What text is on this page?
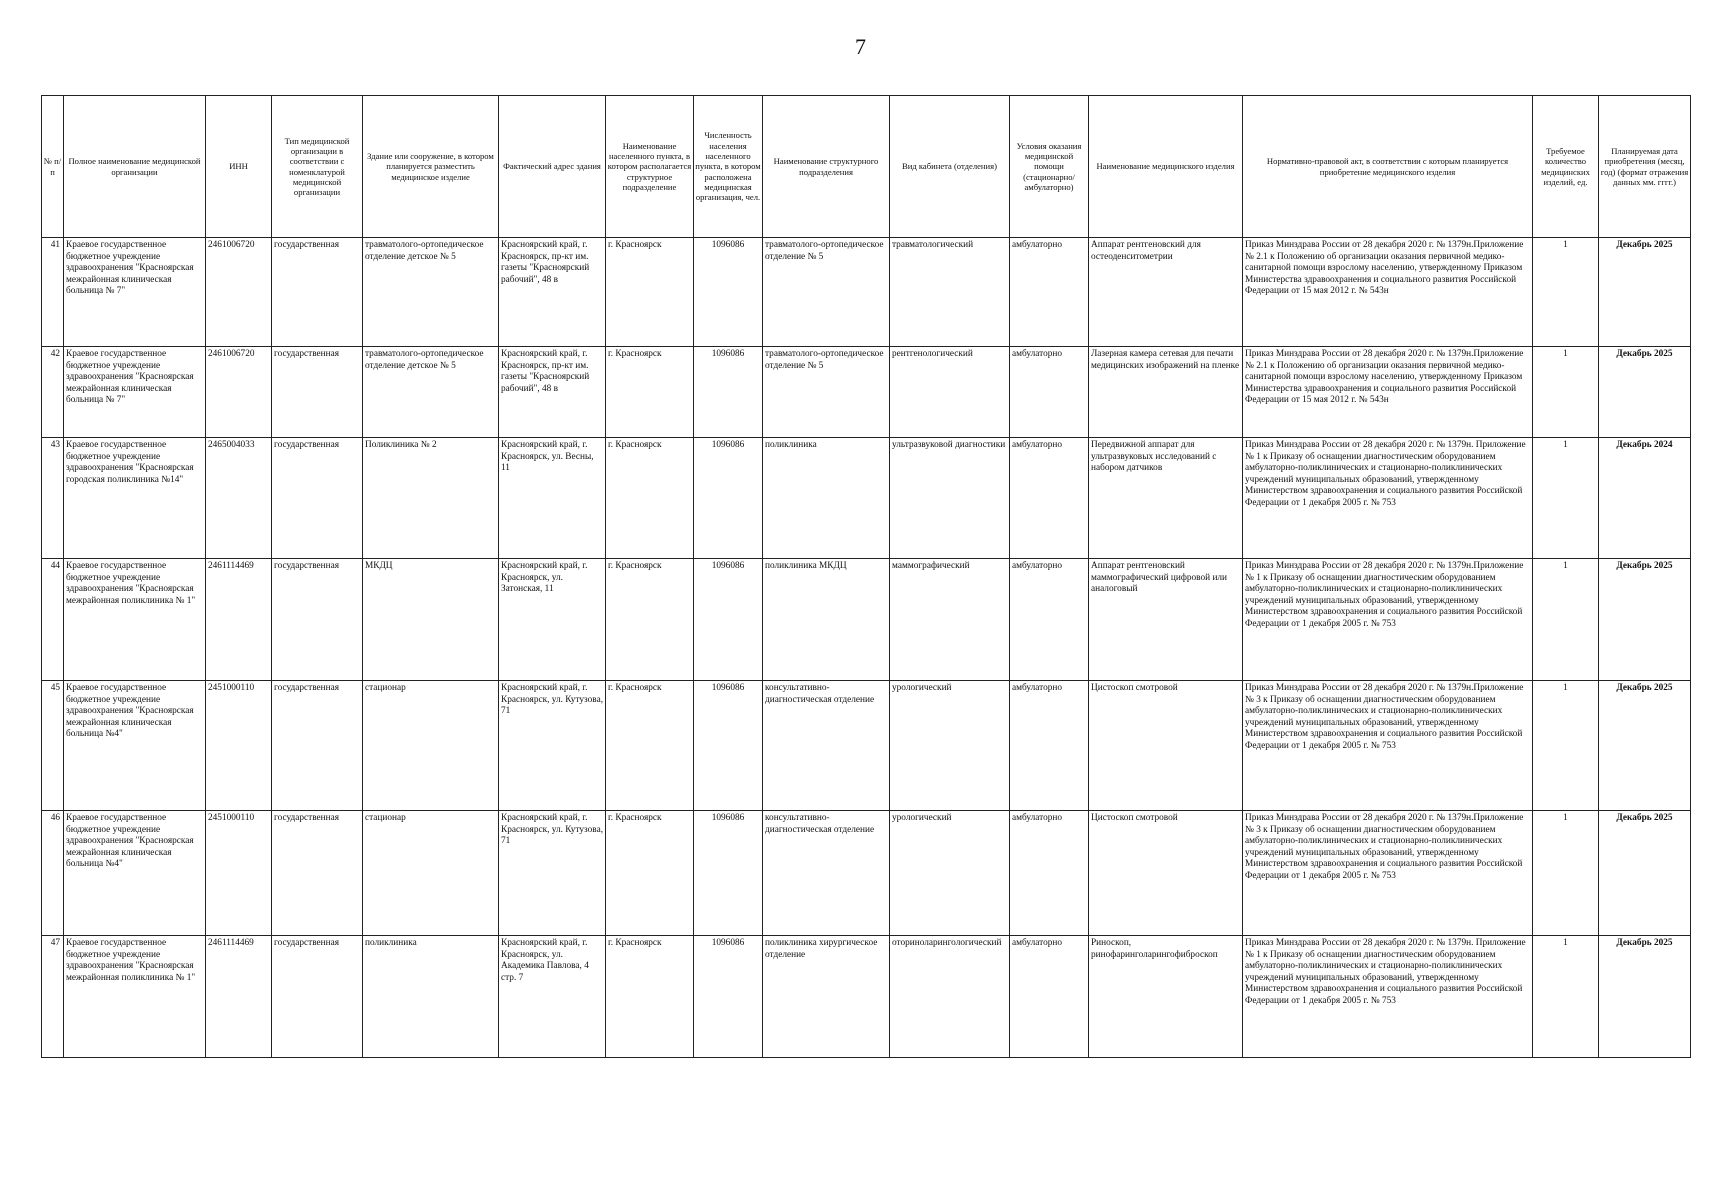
7
№ п/п	Полное наименование медицинской организации	ИНН	Тип медицинской организации в соответствии с номенклатурой медицинской организации	Здание или сооружение, в котором планируется разместить медицинское изделие	Фактический адрес здания	Наименование населенного пункта, в котором располагается структурное подразделение	Численность населения населенного пункта, в котором расположена медицинская организация, чел.	Наименование структурного подразделения	Вид кабинета (отделения)	Условия оказания медицинской помощи (стационарно/ амбулаторно)	Наименование медицинского изделия	Нормативно-правовой акт, в соответствии с которым планируется приобретение медицинского изделия	Требуемое количество медицинских изделий, ед.	Планируемая дата приобретения (месяц, год) (формат отражения данных мм. гггг.)
41	Краевое государственное бюджетное учреждение здравоохранения "Красноярская межрайонная клиническая больница № 7"	2461006720	государственная	травматолого-ортопедическое отделение детское № 5	Красноярский край, г. Красноярск, пр-кт им. газеты "Красноярский рабочий", 48 в	г. Красноярск	1096086	травматолого-ортопедическое отделение № 5	травматологический	амбулаторно	Аппарат рентгеновский для остеоденситометрии	Приказ Минздрава России от 28 декабря 2020 г. № 1379н.Приложение № 2.1 к Положению об организации оказания первичной медико-санитарной помощи взрослому населению, утвержденному Приказом Министерства здравоохранения и социального развития Российской Федерации от 15 мая 2012 г. № 543н	1	Декабрь 2025
42	Краевое государственное бюджетное учреждение здравоохранения "Красноярская межрайонная клиническая больница № 7"	2461006720	государственная	травматолого-ортопедическое отделение детское № 5	Красноярский край, г. Красноярск, пр-кт им. газеты "Красноярский рабочий", 48 в	г. Красноярск	1096086	травматолого-ортопедическое отделение № 5	рентгенологический	амбулаторно	Лазерная камера сетевая для печати медицинских изображений на пленке	Приказ Минздрава России от 28 декабря 2020 г. № 1379н.Приложение № 2.1 к Положению об организации оказания первичной медико-санитарной помощи взрослому населению, утвержденному Приказом Министерства здравоохранения и социального развития Российской Федерации от 15 мая 2012 г. № 543н	1	Декабрь 2025
43	Краевое государственное бюджетное учреждение здравоохранения "Красноярская городская поликлиника №14"	2465004033	государственная	Поликлиника № 2	Красноярский край, г. Красноярск, ул. Весны, 11	г. Красноярск	1096086	поликлиника	ультразвуковой диагностики	амбулаторно	Передвижной аппарат для ультразвуковых исследований с набором датчиков	Приказ Минздрава России от 28 декабря 2020 г. № 1379н. Приложение № 1 к Приказу об оснащении диагностическим оборудованием амбулаторно-поликлинических и стационарно-поликлинических учреждений муниципальных образований, утвержденному Министерством здравоохранения и социального развития Российской Федерации от 1 декабря 2005 г. № 753	1	Декабрь 2024
44	Краевое государственное бюджетное учреждение здравоохранения "Красноярская межрайонная поликлиника № 1"	2461114469	государственная	МКДЦ	Красноярский край, г. Красноярск, ул. Затонская, 11	г. Красноярск	1096086	поликлиника МКДЦ	маммографический	амбулаторно	Аппарат рентгеновский маммографический цифровой или аналоговый	Приказ Минздрава России от 28 декабря 2020 г. № 1379н.Приложение № 1 к Приказу об оснащении диагностическим оборудованием амбулаторно-поликлинических и стационарно-поликлинических учреждений муниципальных образований, утвержденному Министерством здравоохранения и социального развития Российской Федерации от 1 декабря 2005 г. № 753	1	Декабрь 2025
45	Краевое государственное бюджетное учреждение здравоохранения "Красноярская межрайонная клиническая больница №4"	2451000110	государственная	стационар	Красноярский край, г. Красноярск, ул. Кутузова, 71	г. Красноярск	1096086	консультативно-диагностическая отделение	урологический	амбулаторно	Цистоскоп смотровой	Приказ Минздрава России от 28 декабря 2020 г. № 1379н.Приложение № 3 к Приказу об оснащении диагностическим оборудованием амбулаторно-поликлинических и стационарно-поликлинических учреждений муниципальных образований, утвержденному Министерством здравоохранения и социального развития Российской Федерации от 1 декабря 2005 г. № 753	1	Декабрь 2025
46	Краевое государственное бюджетное учреждение здравоохранения "Красноярская межрайонная клиническая больница №4"	2451000110	государственная	стационар	Красноярский край, г. Красноярск, ул. Кутузова, 71	г. Красноярск	1096086	консультативно-диагностическая отделение	урологический	амбулаторно	Цистоскоп смотровой	Приказ Минздрава России от 28 декабря 2020 г. № 1379н.Приложение № 3 к Приказу об оснащении диагностическим оборудованием амбулаторно-поликлинических и стационарно-поликлинических учреждений муниципальных образований, утвержденному Министерством здравоохранения и социального развития Российской Федерации от 1 декабря 2005 г. № 753	1	Декабрь 2025
47	Краевое государственное бюджетное учреждение здравоохранения "Красноярская межрайонная поликлиника № 1"	2461114469	государственная	поликлиника	Красноярский край, г. Красноярск, ул. Академика Павлова, 4 стр. 7	г. Красноярск	1096086	поликлиника хирургическое отделение	оториноларингологический	амбулаторно	Риноскоп, ринофаринголарингофиброскоп	Приказ Минздрава России от 28 декабря 2020 г. № 1379н. Приложение № 1 к Приказу об оснащении диагностическим оборудованием амбулаторно-поликлинических и стационарно-поликлинических учреждений муниципальных образований, утвержденному Министерством здравоохранения и социального развития Российской Федерации от 1 декабря 2005 г. № 753	1	Декабрь 2025
